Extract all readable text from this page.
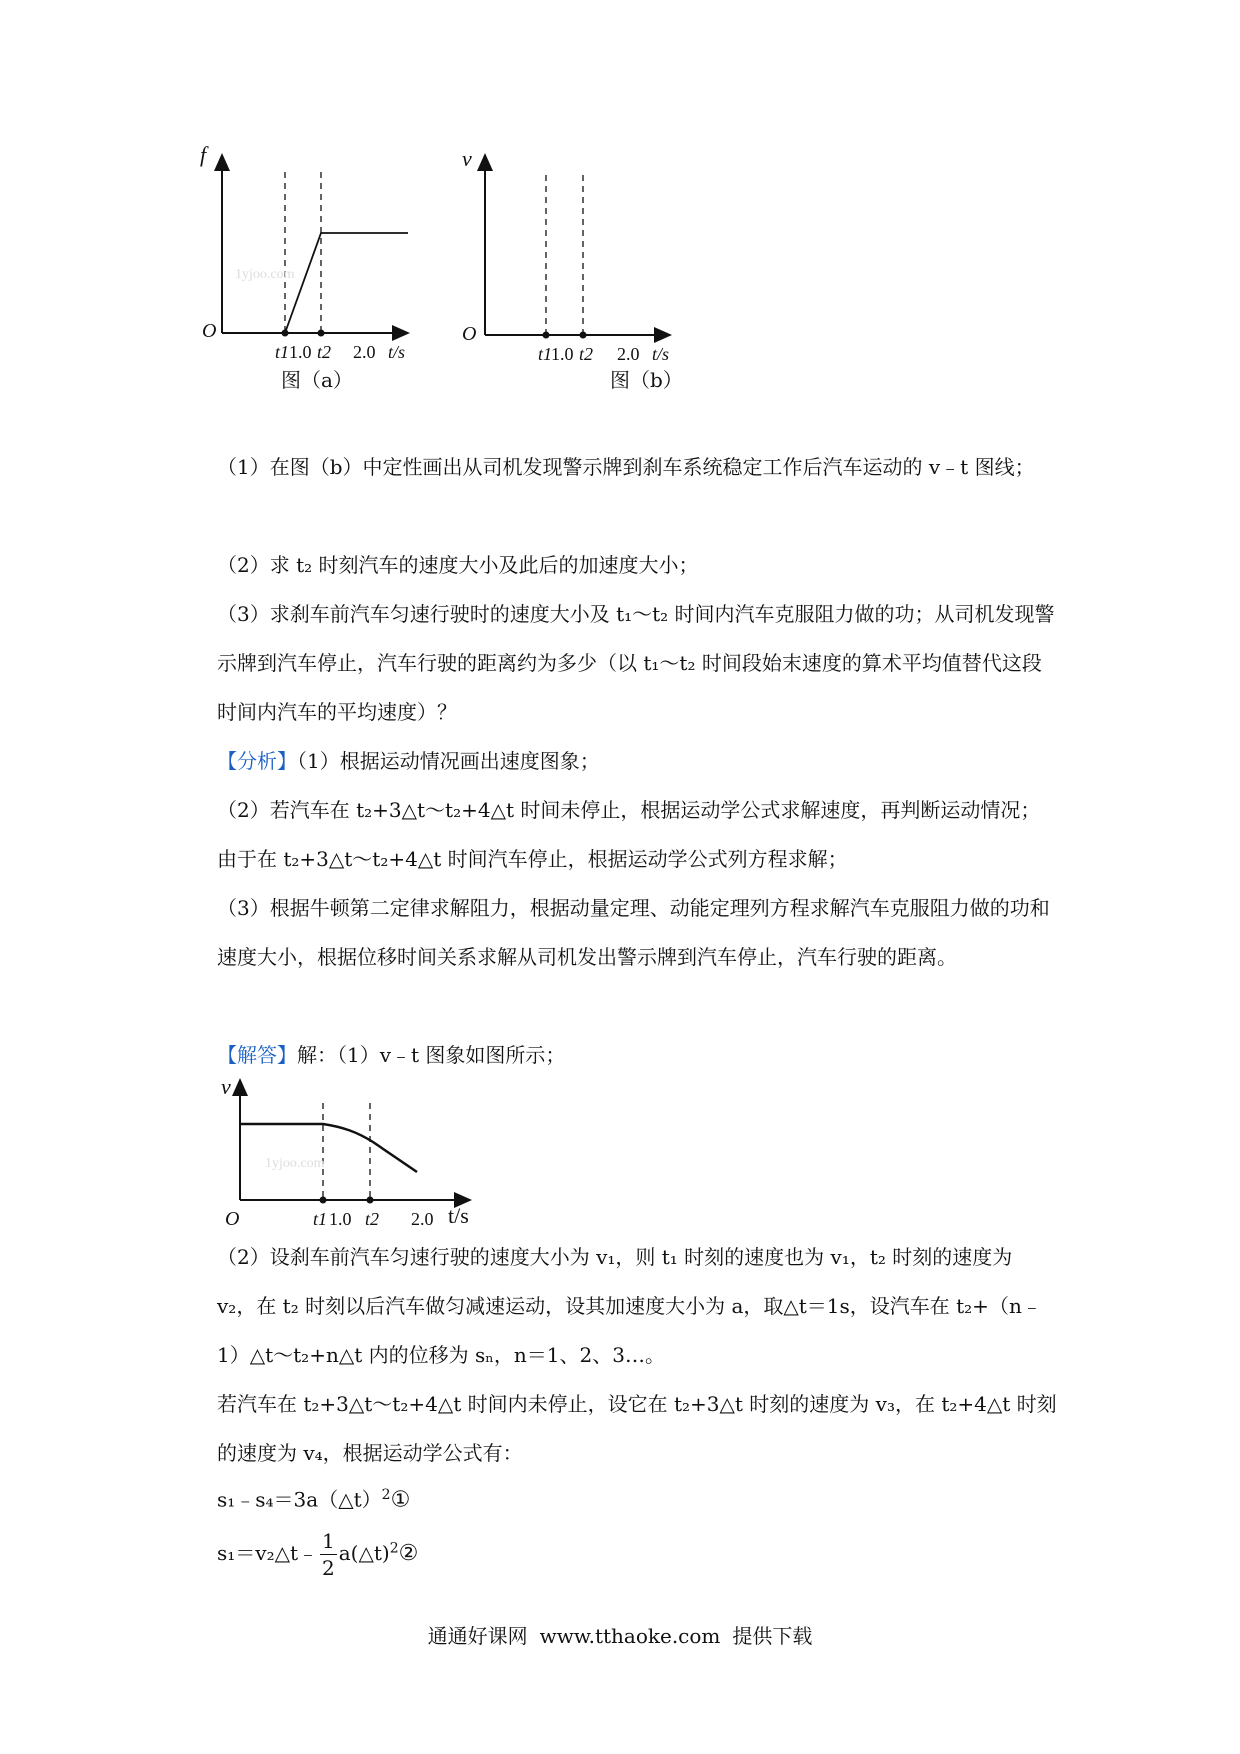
1yjoo.com
f
O
t1 1.0 t2 2.0 t/s
图（a）
v
O
t1
1.0 t2 2.0 t/s
图（b）

（1）在图（b）中定性画出从司机发现警示牌到刹车系统稳定工作后汽车运动的 v﹣t 图线；

（2）求 t₂ 时刻汽车的速度大小及此后的加速度大小；

（3）求刹车前汽车匀速行驶时的速度大小及 t₁～t₂ 时间内汽车克服阻力做的功；从司机发现警示牌到汽车停止，汽车行驶的距离约为多少（以 t₁～t₂ 时间段始末速度的算术平均值替代这段时间内汽车的平均速度）？

【分析】（1）根据运动情况画出速度图象；

（2）若汽车在 t₂+3△t～t₂+4△t 时间未停止，根据运动学公式求解速度，再判断运动情况；由于在 t₂+3△t～t₂+4△t 时间汽车停止，根据运动学公式列方程求解；

（3）根据牛顿第二定律求解阻力，根据动量定理、动能定理列方程求解汽车克服阻力做的功和速度大小，根据位移时间关系求解从司机发出警示牌到汽车停止，汽车行驶的距离。

【解答】解：（1）v﹣t 图象如图所示；

1yjoo.com
v
O	t1 1.0 t2 2.0 t/s

（2）设刹车前汽车匀速行驶的速度大小为 v₁，则 t₁ 时刻的速度也为 v₁，t₂ 时刻的速度为 v₂，在 t₂ 时刻以后汽车做匀减速运动，设其加速度大小为 a，取△t＝1s，设汽车在 t₂+（n﹣1）△t～t₂+n△t 内的位移为 sₙ，n＝1、2、3…。

若汽车在 t₂+3△t～t₂+4△t 时间内未停止，设它在 t₂+3△t 时刻的速度为 v₃，在 t₂+4△t 时刻的速度为 v₄，根据运动学公式有：

s₁﹣s₄＝3a（△t）$^2$①
s₁＝v₂△t﹣ $\frac{1}{2}$ a(△t)$^2$②
通通好课网 www.tthaoke.com 提供下载
